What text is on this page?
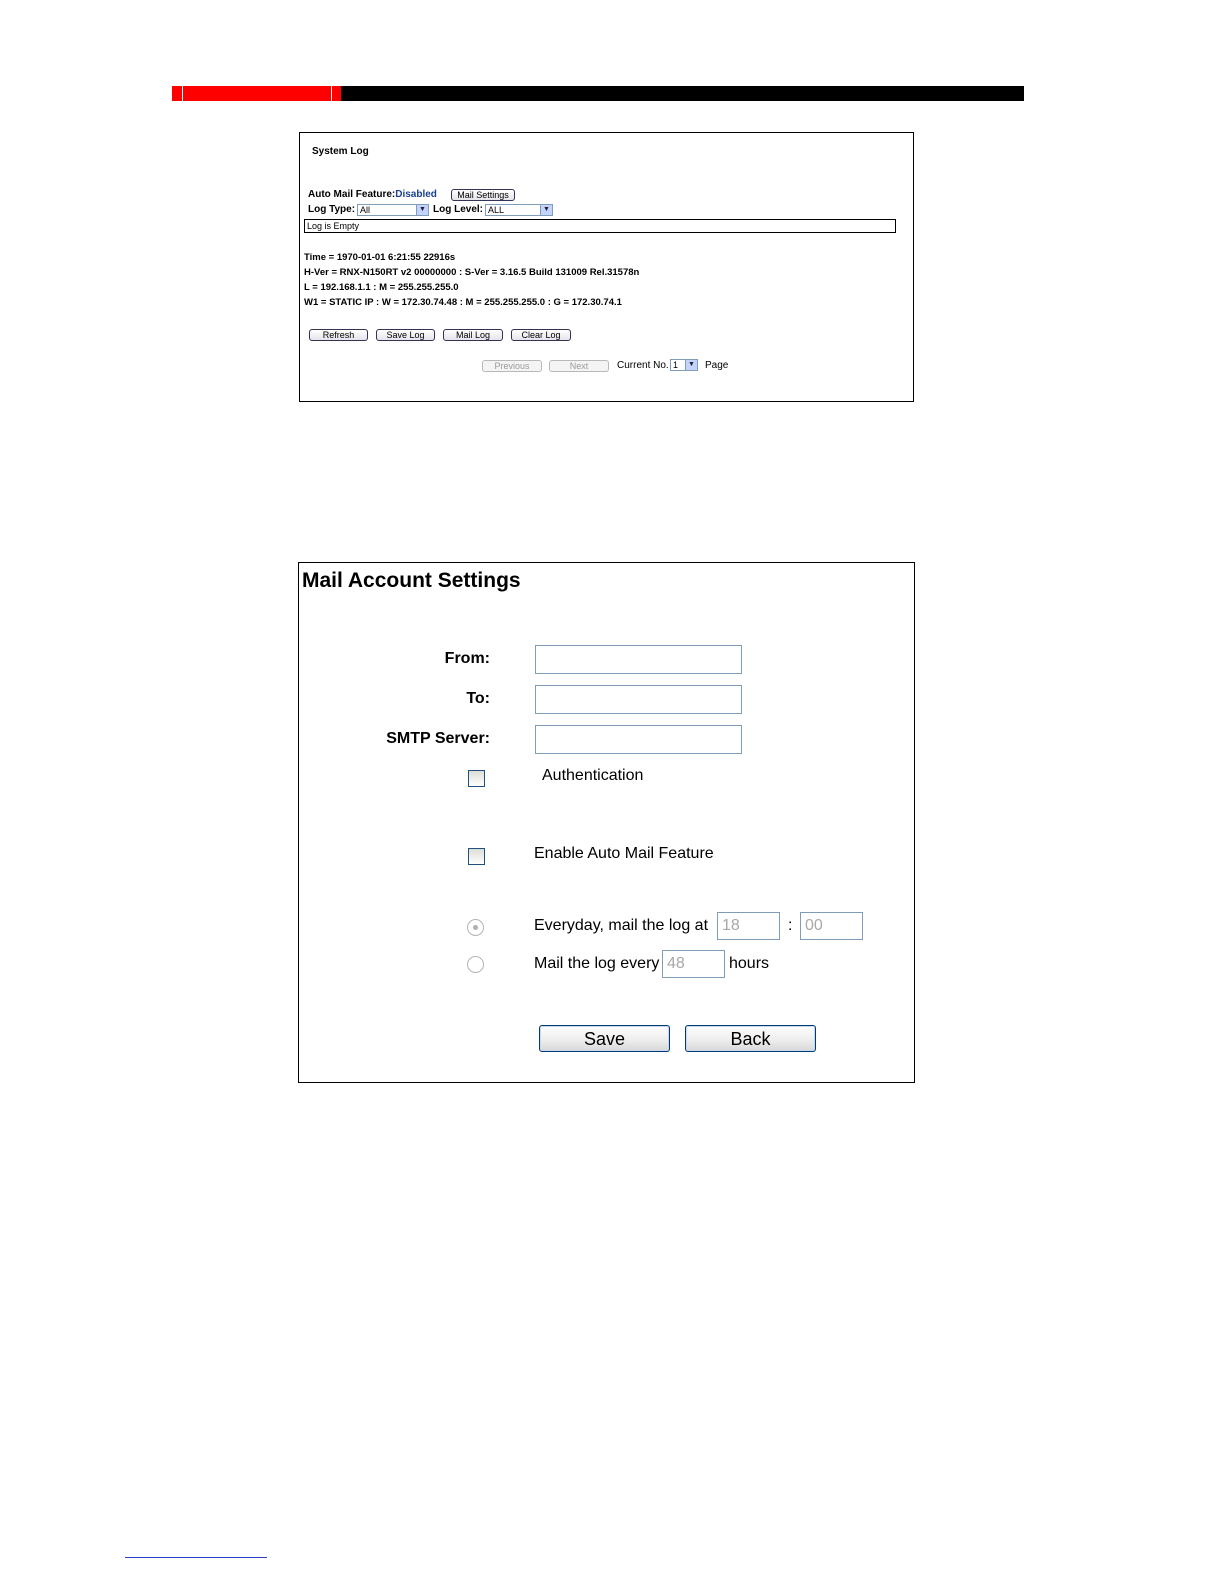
System Log
Auto Mail Feature:Disabled	Mail Settings
Log Type: All	▼ Log Level: ALL	▼
Log is Empty
Time = 1970-01-01 6:21:55 22916s
H-Ver = RNX-N150RT v2 00000000 : S-Ver = 3.16.5 Build 131009 Rel.31578n
L = 192.168.1.1 : M = 255.255.255.0
W1 = STATIC IP : W = 172.30.74.48 : M = 255.255.255.0 : G = 172.30.74.1
Refresh	Save Log	Mail Log	Clear Log
Previous	Next	Current No. 1	▼ Page
Mail Account Settings
From:
To:
SMTP Server:
Authentication
Enable Auto Mail Feature
Everyday, mail the log at 18	: 00
Mail the log every 48	hours
Save	Back
